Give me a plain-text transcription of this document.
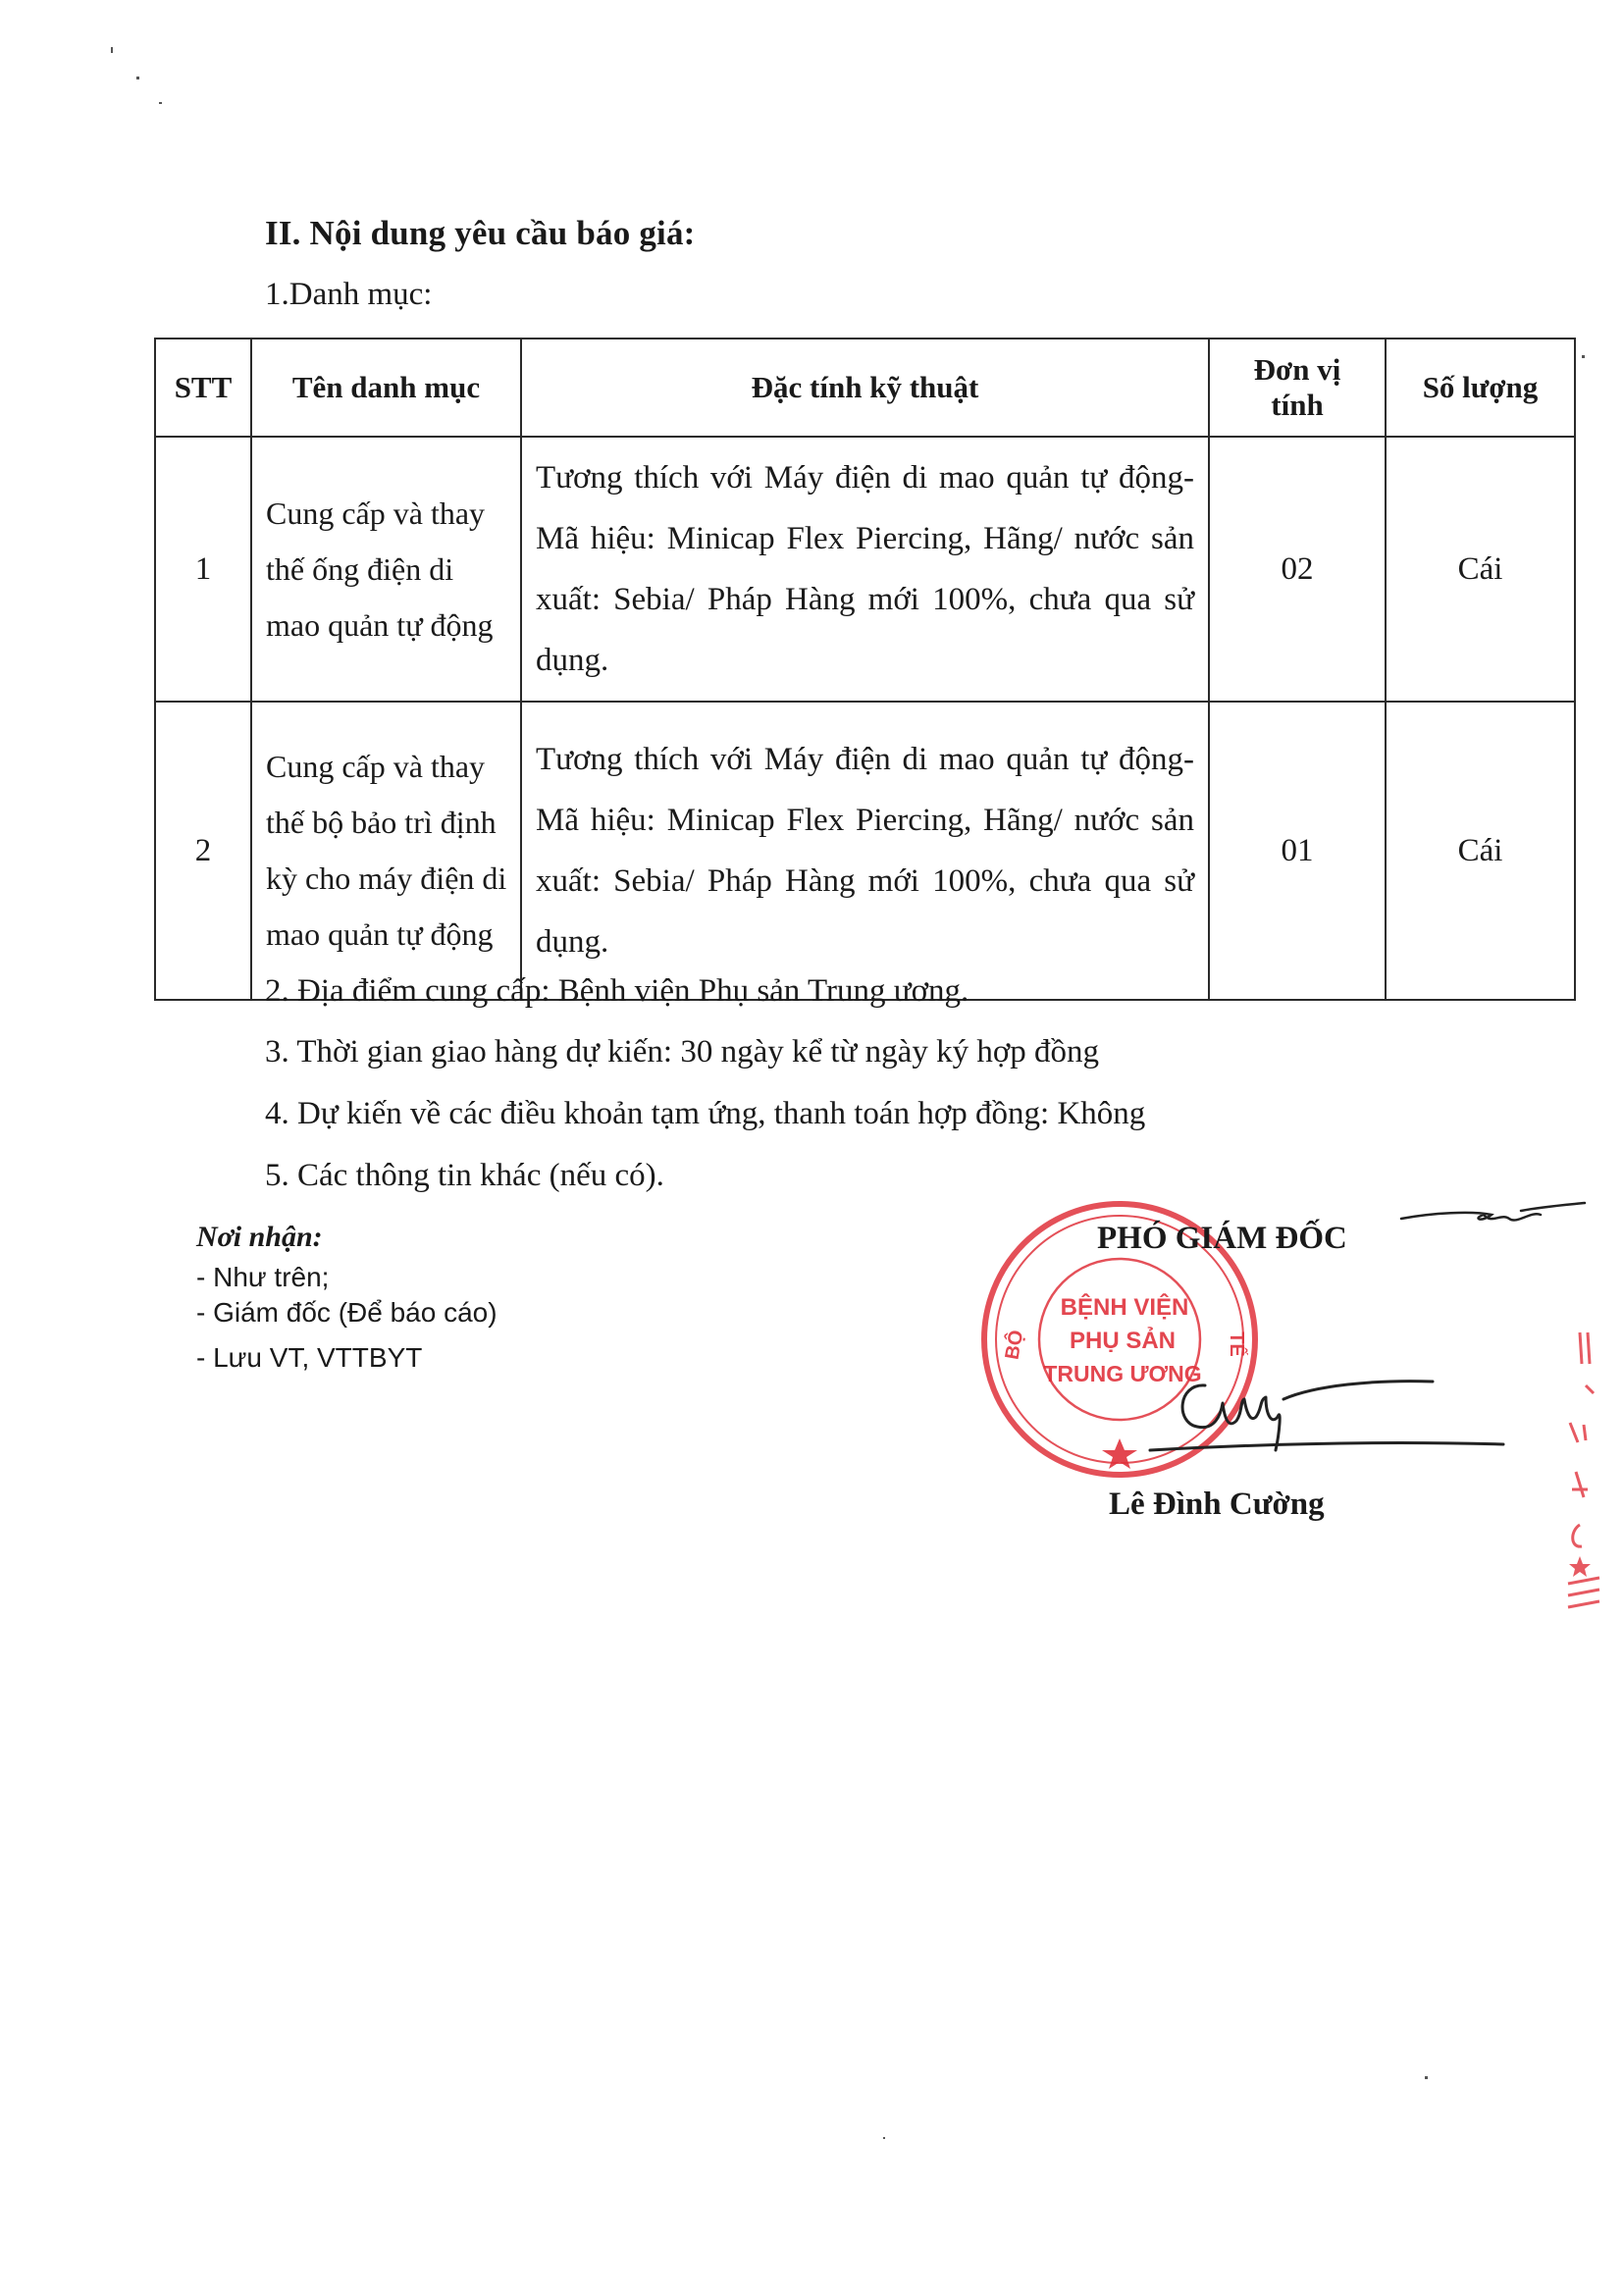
II. Nội dung yêu cầu báo giá:
1.Danh mục:
STT	Tên danh mục	Đặc tính kỹ thuật	Đơn vị tính	Số lượng
1	Cung cấp và thay thế ống điện di mao quản tự động	Tương thích với Máy điện di mao quản tự động- Mã hiệu: Minicap Flex Piercing, Hãng/ nước sản xuất: Sebia/ Pháp Hàng mới 100%, chưa qua sử dụng.	02	Cái
2	Cung cấp và thay thế bộ bảo trì định kỳ cho máy điện di mao quản tự động	Tương thích với Máy điện di mao quản tự động- Mã hiệu: Minicap Flex Piercing, Hãng/ nước sản xuất: Sebia/ Pháp Hàng mới 100%, chưa qua sử dụng.	01	Cái
2. Địa điểm cung cấp: Bệnh viện Phụ sản Trung ương.
3. Thời gian giao hàng dự kiến: 30 ngày kể từ ngày ký hợp đồng
4. Dự kiến về các điều khoản tạm ứng, thanh toán hợp đồng: Không
5. Các thông tin khác (nếu có).
Nơi nhận:
- Như trên;
- Giám đốc (Để báo cáo)
- Lưu VT, VTTBYT
BỆNH VIỆN
PHỤ SẢN
TRUNG ƯƠNG
BỘ	TẾ
PHÓ GIÁM ĐỐC
Lê Đình Cường
